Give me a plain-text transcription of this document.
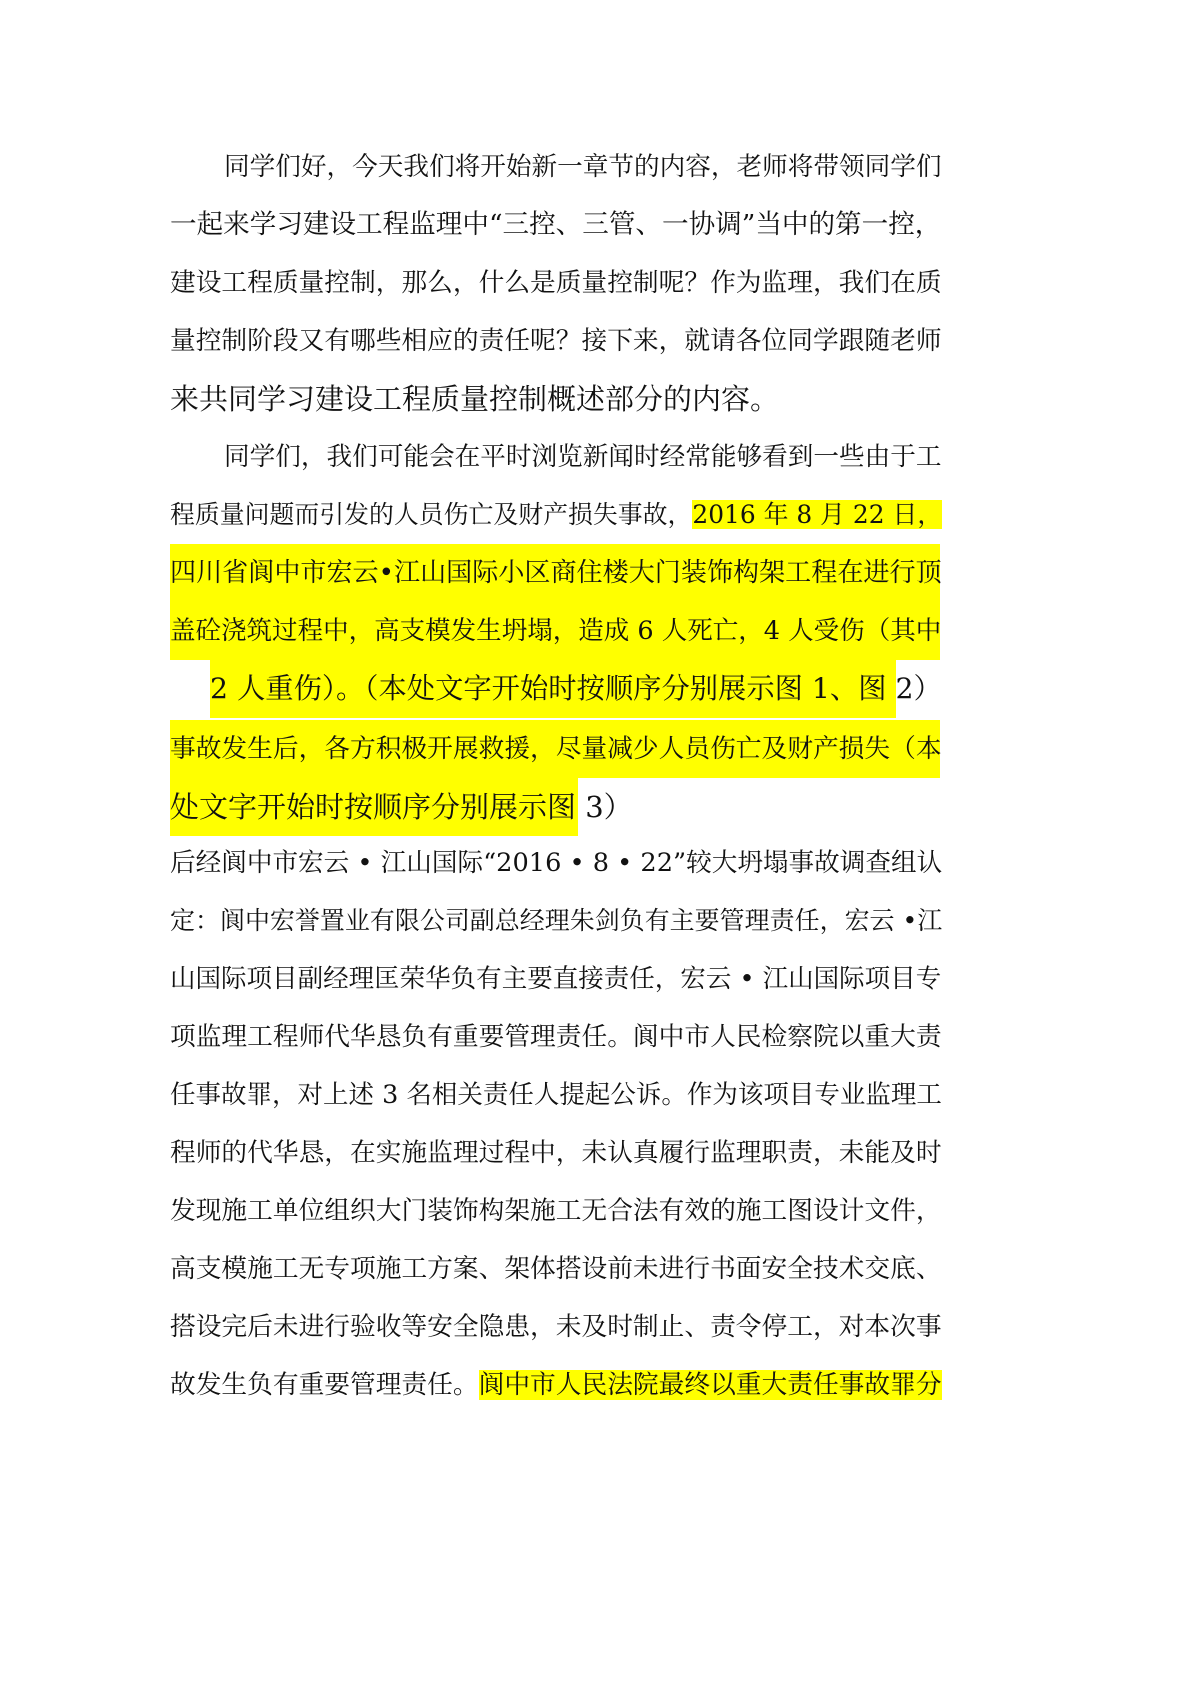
同学们好，今天我们将开始新一章节的内容，老师将带领同学们
一起来学习建设工程监理中“三控、三管、一协调”当中的第一控，
建设工程质量控制，那么，什么是质量控制呢？作为监理，我们在质
量控制阶段又有哪些相应的责任呢？接下来，就请各位同学跟随老师
来共同学习建设工程质量控制概述部分的内容。
同学们，我们可能会在平时浏览新闻时经常能够看到一些由于工
程质量问题而引发的人员伤亡及财产损失事故，2016 年 8 月 22 日，
四川省阆中市宏云•江山国际小区商住楼大门装饰构架工程在进行顶
盖砼浇筑过程中，高支模发生坍塌，造成 6 人死亡，4 人受伤（其中
2 人重伤）。（本处文字开始时按顺序分别展示图 1、图 2）
事故发生后，各方积极开展救援，尽量减少人员伤亡及财产损失（本
处文字开始时按顺序分别展示图 3）
后经阆中市宏云 • 江山国际“2016 • 8 • 22”较大坍塌事故调查组认
定：阆中宏誉置业有限公司副总经理朱剑负有主要管理责任，宏云 •江
山国际项目副经理匡荣华负有主要直接责任，宏云 • 江山国际项目专
项监理工程师代华恳负有重要管理责任。阆中市人民检察院以重大责
任事故罪，对上述 3 名相关责任人提起公诉。作为该项目专业监理工
程师的代华恳，在实施监理过程中，未认真履行监理职责，未能及时
发现施工单位组织大门装饰构架施工无合法有效的施工图设计文件，
高支模施工无专项施工方案、架体搭设前未进行书面安全技术交底、
搭设完后未进行验收等安全隐患，未及时制止、责令停工，对本次事
故发生负有重要管理责任。阆中市人民法院最终以重大责任事故罪分
